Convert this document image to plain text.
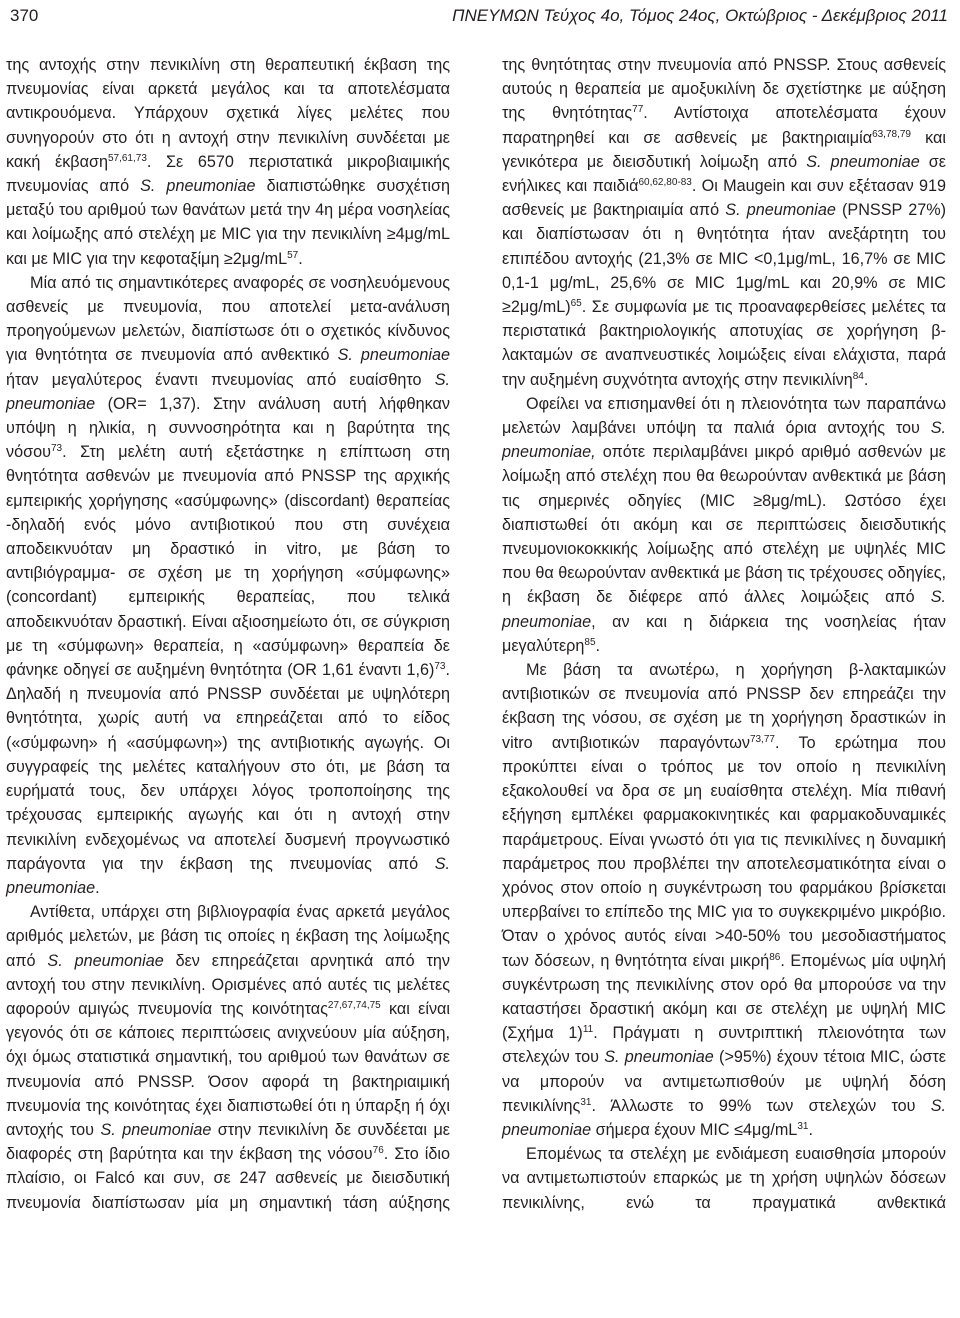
370	ΠΝΕΥΜΩΝ Τεύχος 4ο, Τόμος 24ος, Οκτώβριος - Δεκέμβριος 2011

της αντοχής στην πενικιλίνη στη θεραπευτική έκβαση της πνευμονίας είναι αρκετά μεγάλος και τα αποτελέσματα αντικρουόμενα. Υπάρχουν σχετικά λίγες μελέτες που συνηγορούν στο ότι η αντοχή στην πενικιλίνη συνδέεται με κακή έκβαση$^{57,61,73}$. Σε 6570 περιστατικά μικροβιαιμικής πνευμονίας από S. pneumoniae διαπιστώθηκε συσχέτιση μεταξύ του αριθμού των θανάτων μετά την 4η μέρα νοσηλείας και λοίμωξης από στελέχη με MIC για την πενικιλίνη ≥4μg/mL και με MIC για την $\kappa\varepsilon\varphi o\tau\alpha\xi ί\mu\eta \ge 2\mu g/mL^{57}$.

Μία από τις σημαντικότερες αναφορές σε νοσηλευόμενους ασθενείς με πνευμονία, που αποτελεί μετα-ανάλυση προηγούμενων μελετών, διαπίστωσε ότι ο σχετικός κίνδυνος για θνητότητα σε πνευμονία από ανθεκτικό S. pneumoniae ήταν μεγαλύτερος έναντι πνευμονίας από ευαίσθητο S. pneumoniae (OR= 1,37). Στην ανάλυση αυτή λήφθηκαν υπόψη η ηλικία, η συννοσηρότητα και η βαρύτητα της νόσου$^{73}$. Στη μελέτη αυτή εξετάστηκε η επίπτωση στη θνητότητα ασθενών με πνευμονία από PNSSP της αρχικής εμπειρικής χορήγησης «ασύμφωνης» (discordant) θεραπείας -δηλαδή ενός μόνο αντιβιοτικού που στη συνέχεια αποδεικνυόταν μη δραστικό in vitro, με βάση το αντιβιόγραμμα- σε σχέση με τη χορήγηση «σύμφωνης» (concordant) εμπειρικής θεραπείας, που τελικά αποδεικνυόταν δραστική. Είναι αξιοσημείωτο ότι, σε σύγκριση με τη «σύμφωνη» θεραπεία, η «ασύμφωνη» θεραπεία δε φάνηκε οδηγεί σε αυξημένη θνητότητα (OR 1,61 έναντι 1,6)$^{73}$. Δηλαδή η πνευμονία από PNSSP συνδέεται με υψηλότερη θνητότητα, χωρίς αυτή να επηρεάζεται από το είδος («σύμφωνη» ή «ασύμφωνη») της αντιβιοτικής αγωγής. Οι συγγραφείς της μελέτες καταλήγουν στο ότι, με βάση τα ευρήματά τους, δεν υπάρχει λόγος τροποποίησης της τρέχουσας εμπειρικής αγωγής και ότι η αντοχή στην πενικιλίνη ενδεχομένως να αποτελεί δυσμενή προγνωστικό παράγοντα για την έκβαση της πνευμονίας από S. pneumoniae.

Αντίθετα, υπάρχει στη βιβλιογραφία ένας αρκετά μεγάλος αριθμός μελετών, με βάση τις οποίες η έκβαση της λοίμωξης από S. pneumoniae δεν επηρεάζεται αρνητικά από την αντοχή του στην πενικιλίνη. Ορισμένες από αυτές τις μελέτες αφορούν αμιγώς πνευμονία της κοινότητας$^{27,67,74,75}$ και είναι γεγονός ότι σε κάποιες περιπτώσεις ανιχνεύουν μία αύξηση, όχι όμως στατιστικά σημαντική, του αριθμού των θανάτων σε πνευμονία από PNSSP. Όσον αφορά τη βακτηριαιμική πνευμονία της κοινότητας έχει διαπιστωθεί ότι η ύπαρξη ή όχι αντοχής του S. pneumoniae στην πενικιλίνη δε συνδέεται με διαφορές στη βαρύτητα και την έκβαση της νόσου$^{76}$. Στο ίδιο πλαίσιο, οι Falcó και συν, σε 247 ασθενείς με διεισδυτική πνευμονία διαπίστωσαν μία μη σημαντική τάση αύξησης

της θνητότητας στην πνευμονία από PNSSP. Στους ασθενείς αυτούς η θεραπεία με αμοξυκιλίνη δε σχετίστηκε με αύξηση της θνητότητας$^{77}$. Αντίστοιχα αποτελέσματα έχουν παρατηρηθεί και σε ασθενείς με βακτηριαιμία$^{63,78,79}$ και γενικότερα με διεισδυτική λοίμωξη από S. pneumoniae σε ενήλικες και παιδιά$^{60,62,80-83}$. Οι Maugein και συν εξέτασαν 919 ασθενείς με βακτηριαιμία από S. pneumoniae (PNSSP 27%) και διαπίστωσαν ότι η θνητότητα ήταν ανεξάρτητη του επιπέδου αντοχής (21,3% σε MIC <0,1μg/mL, 16,7% σε MIC 0,1-1 μg/mL, 25,6% σε MIC 1μg/mL και 20,9% σε MIC ≥2μg/mL)$^{65}$. Σε συμφωνία με τις προαναφερθείσες μελέτες τα περιστατικά βακτηριολογικής αποτυχίας σε χορήγηση β-λακταμών σε αναπνευστικές λοιμώξεις είναι ελάχιστα, παρά την αυξημένη συχνότητα αντοχής στην πενικιλίνη$^{84}$.

Οφείλει να επισημανθεί ότι η πλειονότητα των παραπάνω μελετών λαμβάνει υπόψη τα παλιά όρια αντοχής του S. pneumoniae, οπότε περιλαμβάνει μικρό αριθμό ασθενών με λοίμωξη από στελέχη που θα θεωρούνταν ανθεκτικά με βάση τις σημερινές οδηγίες (MIC ≥8μg/mL). Ωστόσο έχει διαπιστωθεί ότι ακόμη και σε περιπτώσεις διεισδυτικής πνευμονιοκοκκικής λοίμωξης από στελέχη με υψηλές MIC που θα θεωρούνταν ανθεκτικά με βάση τις τρέχουσες οδηγίες, η έκβαση δε διέφερε από άλλες λοιμώξεις από S. pneumoniae, αν και η διάρκεια της νοσηλείας ήταν μεγαλύτερη$^{85}$.

Με βάση τα ανωτέρω, η χορήγηση β-λακταμικών αντιβιοτικών σε πνευμονία από PNSSP δεν επηρεάζει την έκβαση της νόσου, σε σχέση με τη χορήγηση δραστικών in vitro αντιβιοτικών παραγόντων$^{73,77}$. Το ερώτημα που προκύπτει είναι ο τρόπος με τον οποίο η πενικιλίνη εξακολουθεί να δρα σε μη ευαίσθητα στελέχη. Μία πιθανή εξήγηση εμπλέκει φαρμακοκινητικές και φαρμακοδυναμικές παράμετρους. Είναι γνωστό ότι για τις πενικιλίνες η δυναμική παράμετρος που προβλέπει την αποτελεσματικότητα είναι ο χρόνος στον οποίο η συγκέντρωση του φαρμάκου βρίσκεται υπερβαίνει το επίπεδο της MIC για το συγκεκριμένο μικρόβιο. Όταν ο χρόνος αυτός είναι >40-50% του μεσοδιαστήματος των δόσεων, η θνητότητα είναι μικρή$^{86}$. Επομένως μία υψηλή συγκέντρωση της πενικιλίνης στον ορό θα μπορούσε να την καταστήσει δραστική ακόμη και σε στελέχη με υψηλή MIC (Σχήμα 1)$^{11}$. Πράγματι η συντριπτική πλειονότητα των στελεχών του S. pneumoniae (>95%) έχουν τέτοια MIC, ώστε να μπορούν να αντιμετωπισθούν με υψηλή δόση πενικιλίνης$^{31}$. Άλλωστε το 99% των στελεχών του S. pneumoniae σήμερα έχουν MIC $\le 4\mu g/mL^{31}$.

Επομένως τα στελέχη με ενδιάμεση ευαισθησία μπορούν να αντιμετωπιστούν επαρκώς με τη χρήση υψηλών δόσεων πενικιλίνης, ενώ τα πραγματικά ανθεκτικά
